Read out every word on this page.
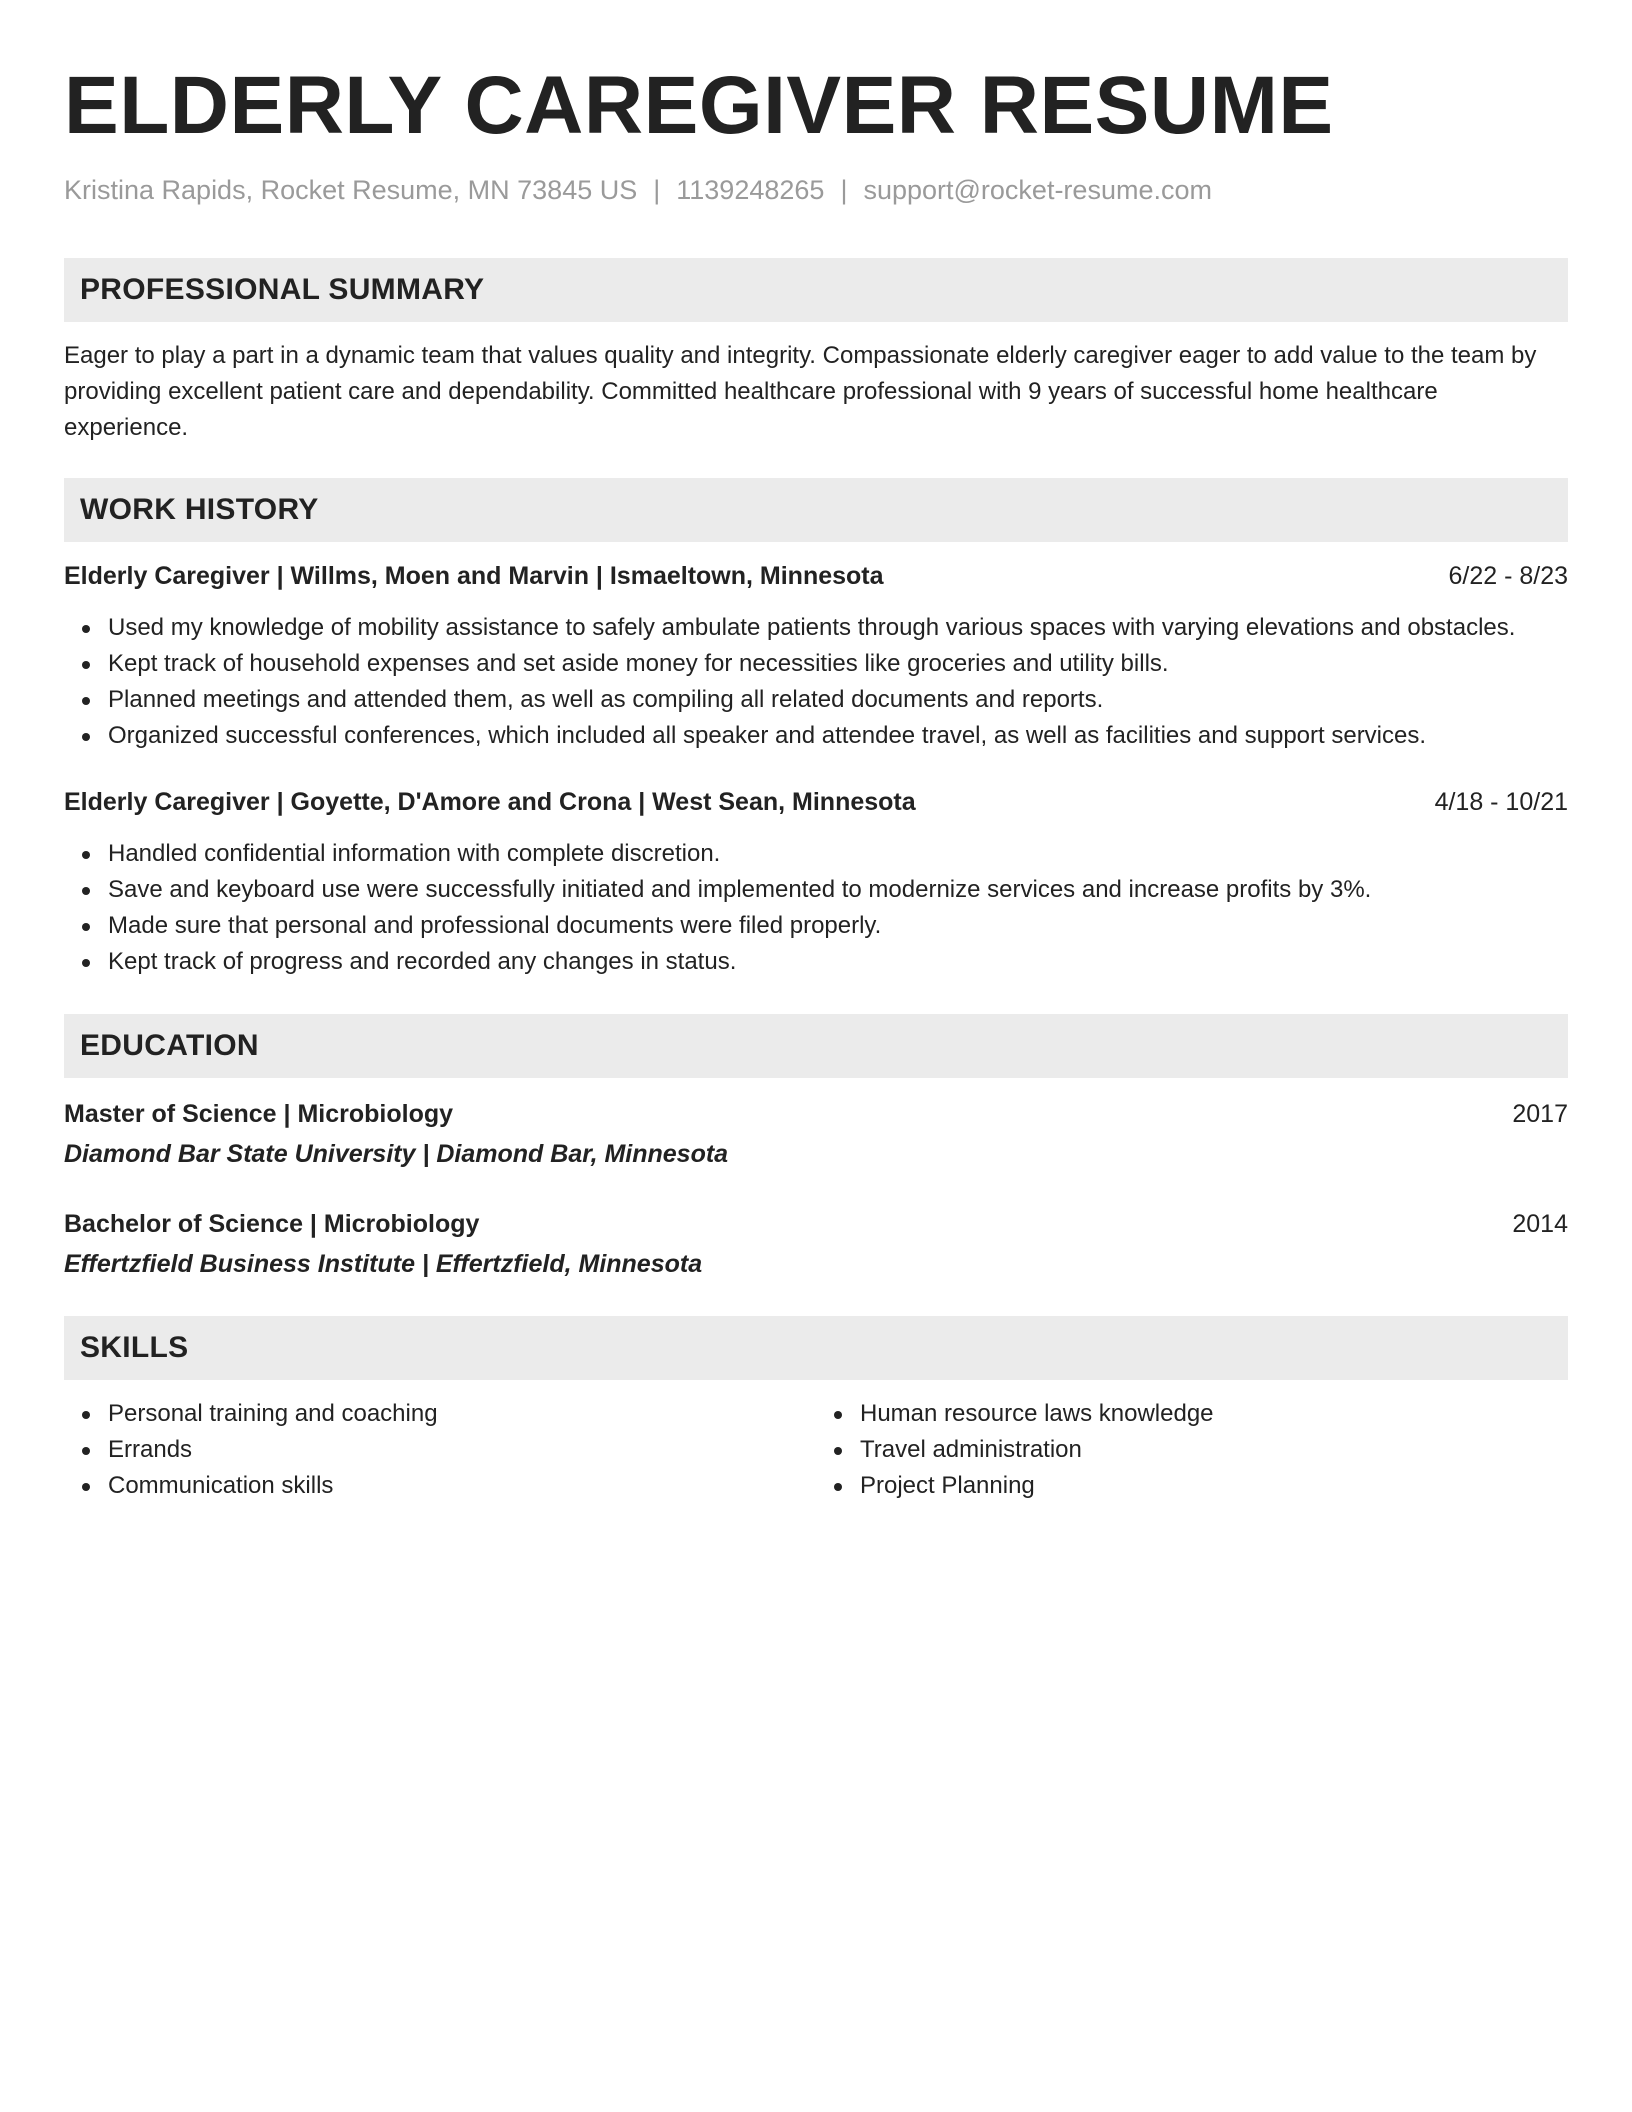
ELDERLY CAREGIVER RESUME
Kristina Rapids, Rocket Resume, MN 73845 US | 1139248265 | support@rocket-resume.com
PROFESSIONAL SUMMARY
Eager to play a part in a dynamic team that values quality and integrity. Compassionate elderly caregiver eager to add value to the team by providing excellent patient care and dependability. Committed healthcare professional with 9 years of successful home healthcare experience.
WORK HISTORY
Elderly Caregiver | Willms, Moen and Marvin | Ismaeltown, Minnesota	6/22 - 8/23
Used my knowledge of mobility assistance to safely ambulate patients through various spaces with varying elevations and obstacles.
Kept track of household expenses and set aside money for necessities like groceries and utility bills.
Planned meetings and attended them, as well as compiling all related documents and reports.
Organized successful conferences, which included all speaker and attendee travel, as well as facilities and support services.
Elderly Caregiver | Goyette, D'Amore and Crona | West Sean, Minnesota	4/18 - 10/21
Handled confidential information with complete discretion.
Save and keyboard use were successfully initiated and implemented to modernize services and increase profits by 3%.
Made sure that personal and professional documents were filed properly.
Kept track of progress and recorded any changes in status.
EDUCATION
Master of Science | Microbiology	2017
Diamond Bar State University | Diamond Bar, Minnesota
Bachelor of Science | Microbiology	2014
Effertzfield Business Institute | Effertzfield, Minnesota
SKILLS
Personal training and coaching
Errands
Communication skills
Human resource laws knowledge
Travel administration
Project Planning
